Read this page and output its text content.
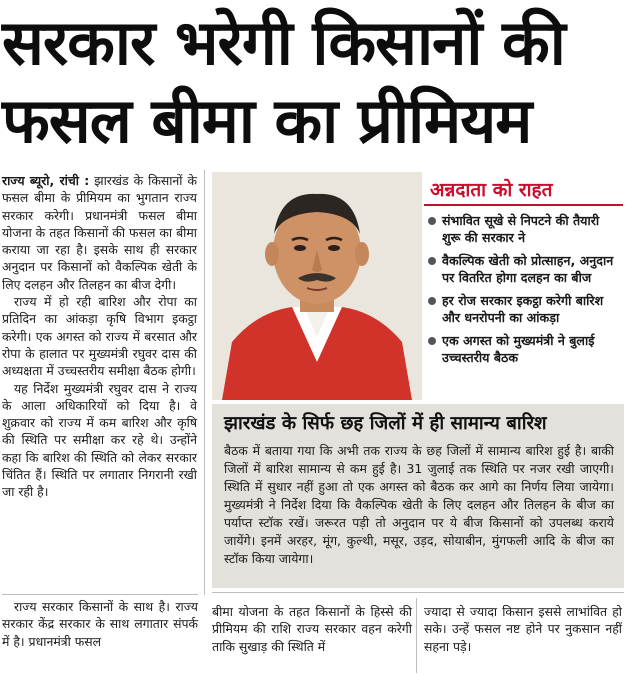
सरकार भरेगी किसानों की
फसल बीमा का प्रीमियम

राज्य ब्यूरो, रांची : झारखंड के किसानों के फसल बीमा के प्रीमियम का भुगतान राज्य सरकार करेगी। प्रधानमंत्री फसल बीमा योजना के तहत किसानों की फसल का बीमा कराया जा रहा है। इसके साथ ही सरकार अनुदान पर किसानों को वैकल्पिक खेती के लिए दलहन और तिलहन का बीज देगी।

राज्य में हो रही बारिश और रोपा का प्रतिदिन का आंकड़ा कृषि विभाग इकट्ठा करेगी। एक अगस्त को राज्य में बरसात और रोपा के हालात पर मुख्यमंत्री रघुवर दास की अध्यक्षता में उच्चस्तरीय समीक्षा बैठक होगी।

यह निर्देश मुख्यमंत्री रघुवर दास ने राज्य के आला अधिकारियों को दिया है। वे शुक्रवार को राज्य में कम बारिश और कृषि की स्थिति पर समीक्षा कर रहे थे। उन्होंने कहा कि बारिश की स्थिति को लेकर सरकार चिंतित हैं। स्थिति पर लगातार निगरानी रखी जा रही है।

अन्नदाता को राहत
संभावित सूखे से निपटने की तैयारी शुरू की सरकार ने
वैकल्पिक खेती को प्रोत्साहन, अनुदान पर वितरित होगा दलहन का बीज
हर रोज सरकार इकट्ठा करेगी बारिश और धनरोपनी का आंकड़ा
एक अगस्त को मुख्यमंत्री ने बुलाई उच्चस्तरीय बैठक
झारखंड के सिर्फ छह जिलों में ही सामान्य बारिश
बैठक में बताया गया कि अभी तक राज्य के छह जिलों में सामान्य बारिश हुई है। बाकी जिलों में बारिश सामान्य से कम हुई है। 31 जुलाई तक स्थिति पर नजर रखी जाएगी। स्थिति में सुधार नहीं हुआ तो एक अगस्त को बैठक कर आगे का निर्णय लिया जायेगा। मुख्यमंत्री ने निर्देश दिया कि वैकल्पिक खेती के लिए दलहन और तिलहन के बीज का पर्याप्त स्टॉक रखें। जरूरत पड़ी तो अनुदान पर ये बीज किसानों को उपलब्ध कराये जायेंगे। इनमें अरहर, मूंग, कुल्थी, मसूर, उड़द, सोयाबीन, मुंगफली आदि के बीज का स्टॉक किया जायेगा।

राज्य सरकार किसानों के साथ है। राज्य सरकार केंद्र सरकार के साथ लगातार संपर्क में है। प्रधानमंत्री फसल

बीमा योजना के तहत किसानों के हिस्से की प्रीमियम की राशि राज्य सरकार वहन करेगी ताकि सुखाड़ की स्थिति में

ज्यादा से ज्यादा किसान इससे लाभांवित हो सके। उन्हें फसल नष्ट होने पर नुकसान नहीं सहना पड़े।
